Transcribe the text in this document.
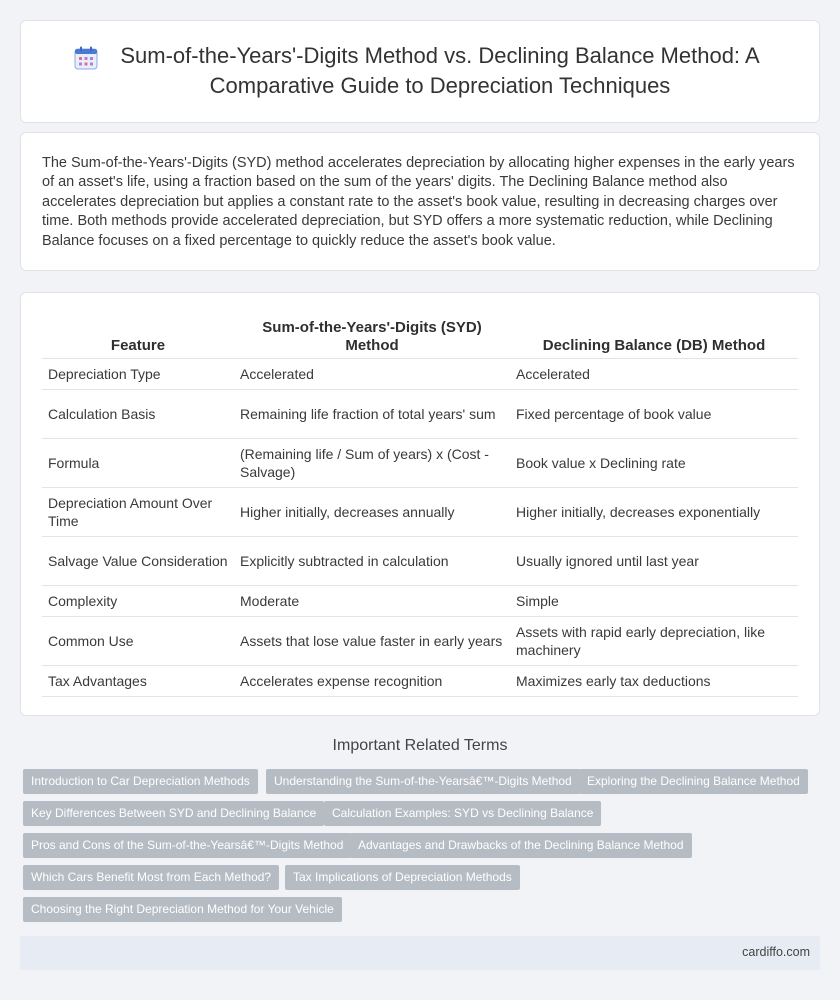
Sum-of-the-Years'-Digits Method vs. Declining Balance Method: A Comparative Guide to Depreciation Techniques

The Sum-of-the-Years'-Digits (SYD) method accelerates depreciation by allocating higher expenses in the early years of an asset's life, using a fraction based on the sum of the years' digits. The Declining Balance method also accelerates depreciation but applies a constant rate to the asset's book value, resulting in decreasing charges over time. Both methods provide accelerated depreciation, but SYD offers a more systematic reduction, while Declining Balance focuses on a fixed percentage to quickly reduce the asset's book value.

Feature	Sum-of-the-Years'-Digits (SYD) Method	Declining Balance (DB) Method
Depreciation Type	Accelerated	Accelerated
Calculation Basis	Remaining life fraction of total years' sum	Fixed percentage of book value
Formula	(Remaining life / Sum of years) x (Cost - Salvage)	Book value x Declining rate
Depreciation Amount Over Time	Higher initially, decreases annually	Higher initially, decreases exponentially
Salvage Value Consideration	Explicitly subtracted in calculation	Usually ignored until last year
Complexity	Moderate	Simple
Common Use	Assets that lose value faster in early years	Assets with rapid early depreciation, like machinery
Tax Advantages	Accelerates expense recognition	Maximizes early tax deductions
Important Related Terms
Introduction to Car Depreciation Methods	Understanding the Sum-of-the-Yearsâ€™-Digits Method	Exploring the Declining Balance Method
Key Differences Between SYD and Declining Balance	Calculation Examples: SYD vs Declining Balance
Pros and Cons of the Sum-of-the-Yearsâ€™-Digits Method	Advantages and Drawbacks of the Declining Balance Method
Which Cars Benefit Most from Each Method?	Tax Implications of Depreciation Methods
Choosing the Right Depreciation Method for Your Vehicle
cardiffo.com
